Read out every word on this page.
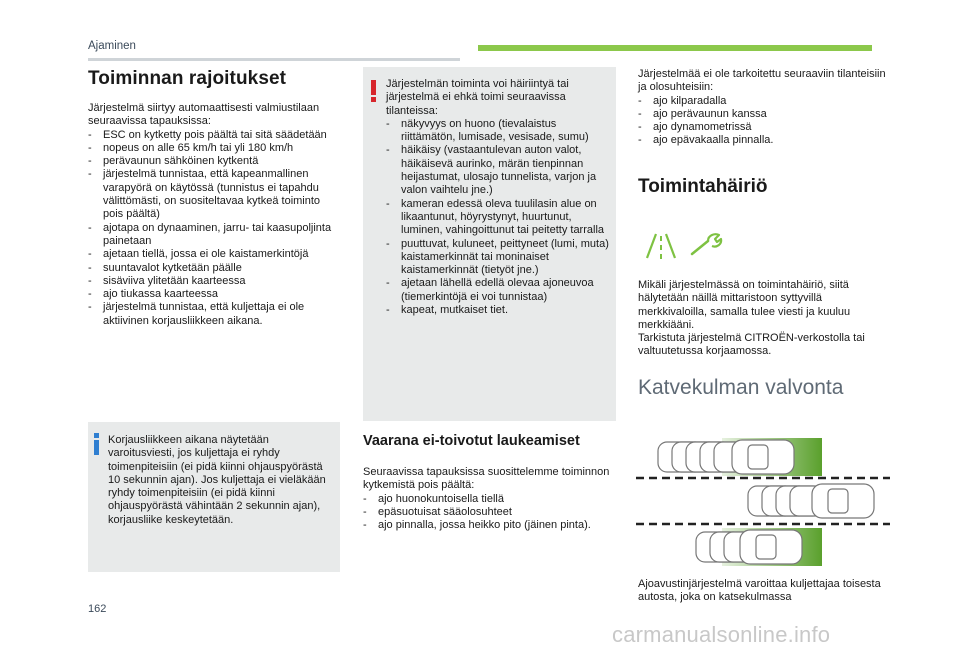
Ajaminen
Toiminnan rajoitukset

Järjestelmä siirtyy automaattisesti valmiustilaan seuraavissa tapauksissa:

- ESC on kytketty pois päältä tai sitä säädetään
- nopeus on alle 65 km/h tai yli 180 km/h
- perävaunun sähköinen kytkentä
- järjestelmä tunnistaa, että kapeanmallinen varapyörä on käytössä (tunnistus ei tapahdu välittömästi, on suositeltavaa kytkeä toiminto pois päältä)
- ajotapa on dynaaminen, jarru- tai kaasupoljinta painetaan
- ajetaan tiellä, jossa ei ole kaistamerkintöjä
- suuntavalot kytketään päälle
- sisäviiva ylitetään kaarteessa
- ajo tiukassa kaarteessa
- järjestelmä tunnistaa, että kuljettaja ei ole aktiivinen korjausliikkeen aikana.
Korjausliikkeen aikana näytetään varoitusviesti, jos kuljettaja ei ryhdy toimenpiteisiin (ei pidä kiinni ohjauspyörästä 10 sekunnin ajan). Jos kuljettaja ei vieläkään ryhdy toimenpiteisiin (ei pidä kiinni ohjauspyörästä vähintään 2 sekunnin ajan), korjausliike keskeytetään.

Järjestelmän toiminta voi häiriintyä tai järjestelmä ei ehkä toimi seuraavissa tilanteissa:

- näkyvyys on huono (tievalaistus riittämätön, lumisade, vesisade, sumu)
- häikäisy (vastaantulevan auton valot, häikäisevä aurinko, märän tienpinnan heijastumat, ulosajo tunnelista, varjon ja valon vaihtelu jne.)
- kameran edessä oleva tuulilasin alue on likaantunut, höyrystynyt, huurtunut, luminen, vahingoittunut tai peitetty tarralla
- puuttuvat, kuluneet, peittyneet (lumi, muta) kaistamerkinnät tai moninaiset kaistamerkinnät (tietyöt jne.)
- ajetaan lähellä edellä olevaa ajoneuvoa (tiemerkintöjä ei voi tunnistaa)
- kapeat, mutkaiset tiet.
Vaarana ei-toivotut laukeamiset

Seuraavissa tapauksissa suosittelemme toiminnon kytkemistä pois päältä:

- ajo huonokuntoisella tiellä
- epäsuotuisat sääolosuhteet
- ajo pinnalla, jossa heikko pito (jäinen pinta).

Järjestelmää ei ole tarkoitettu seuraaviin tilanteisiin ja olosuhteisiin:

- ajo kilparadalla
- ajo perävaunun kanssa
- ajo dynamometrissä
- ajo epävakaalla pinnalla.
Toimintahäiriö

Mikäli järjestelmässä on toimintahäiriö, siitä hälytetään näillä mittaristoon syttyvillä merkkivaloilla, samalla tulee viesti ja kuuluu merkkiääni.

Tarkistuta järjestelmä CITROËN-verkostolla tai valtuutetussa korjaamossa.

Katvekulman valvonta
Ajoavustinjärjestelmä varoittaa kuljettajaa toisesta autosta, joka on katsekulmassa
162
carmanualsonline.info
